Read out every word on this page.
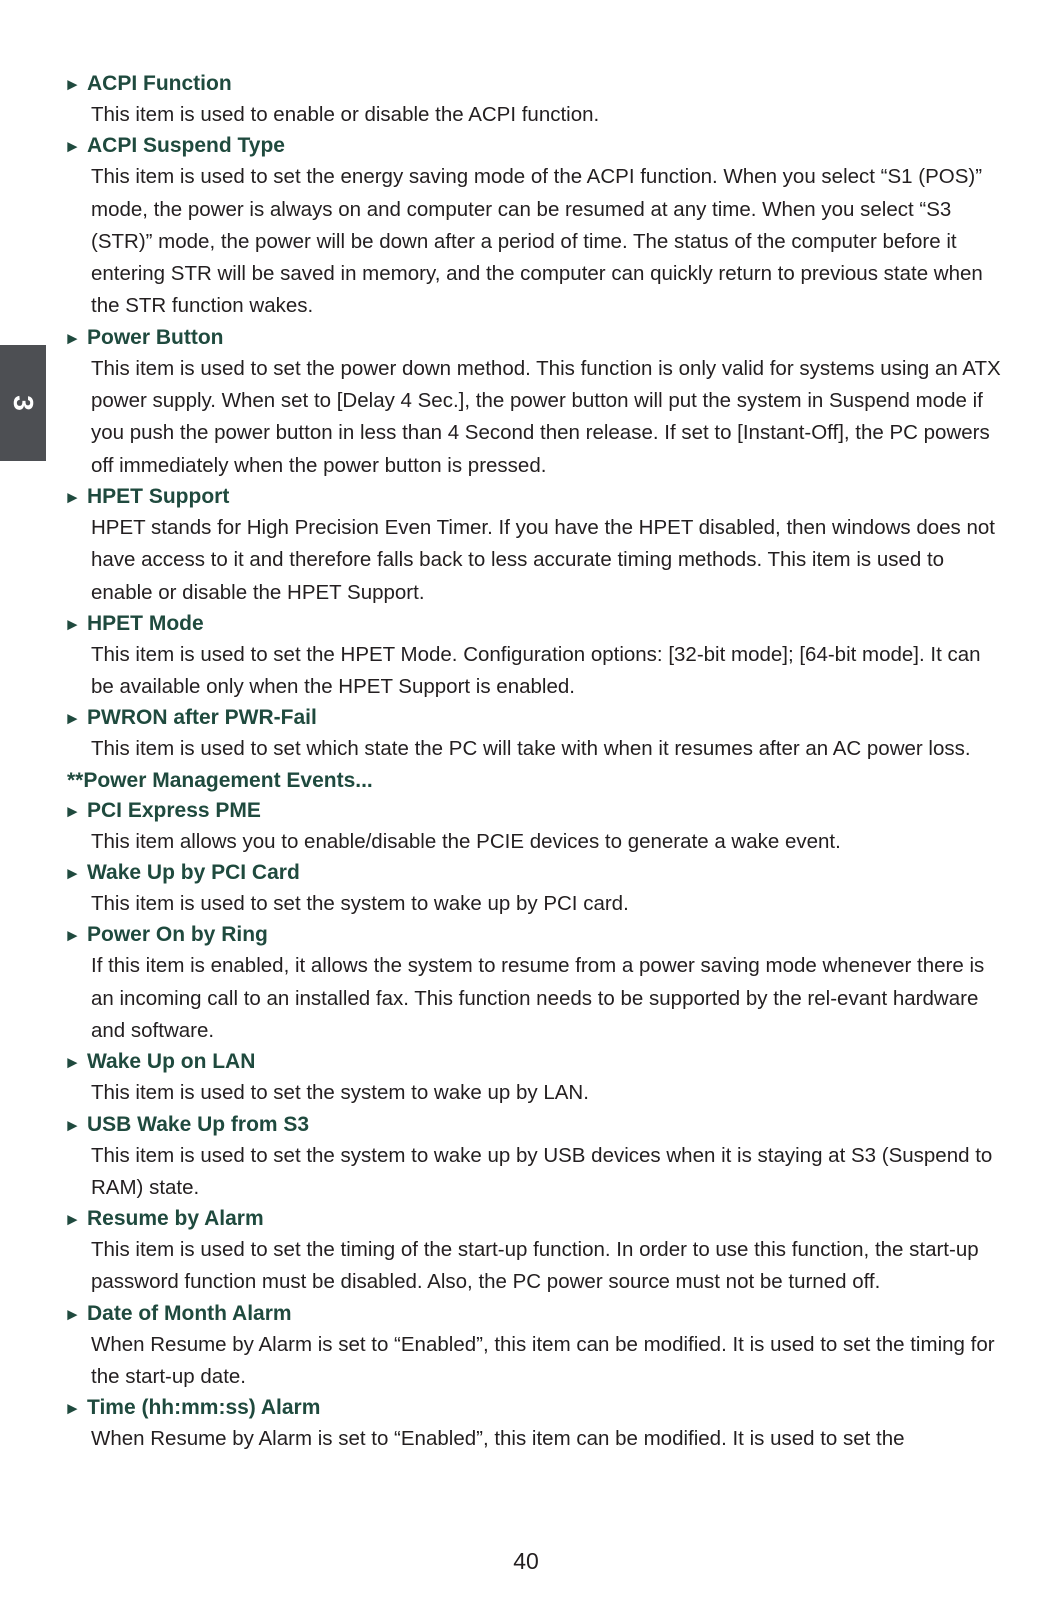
3
► ACPI Function

This item is used to enable or disable the ACPI function.

► ACPI Suspend Type

This item is used to set the energy saving mode of the ACPI function. When you select “S1 (POS)” mode, the power is always on and computer can be resumed at any time. When you select “S3 (STR)” mode, the power will be down after a period of time. The status of the computer before it entering STR will be saved in memory, and the computer can quickly return to previous state when the STR function wakes.

► Power Button

This item is used to set the power down method. This function is only valid for systems using an ATX power supply. When set to [Delay 4 Sec.], the power button will put the system in Suspend mode if you push the power button in less than 4 Second then release. If set to [Instant-Off], the PC powers off immediately when the power button is pressed.

► HPET Support

HPET stands for High Precision Even Timer. If you have the HPET disabled, then windows does not have access to it and therefore falls back to less accurate timing methods. This item is used to enable or disable the HPET Support.

► HPET Mode

This item is used to set the HPET Mode. Configuration options: [32-bit mode]; [64-bit mode]. It can be available only when the HPET Support is enabled.

► PWRON after PWR-Fail

This item is used to set which state the PC will take with when it resumes after an AC power loss.

**Power Management Events...
► PCI Express PME

This item allows you to enable/disable the PCIE devices to generate a wake event.

► Wake Up by PCI Card

This item is used to set the system to wake up by PCI card.

► Power On by Ring

If this item is enabled, it allows the system to resume from a power saving mode whenever there is an incoming call to an installed fax. This function needs to be supported by the rel-evant hardware and software.

► Wake Up on LAN

This item is used to set the system to wake up by LAN.

► USB Wake Up from S3

This item is used to set the system to wake up by USB devices when it is staying at S3 (Suspend to RAM) state.

► Resume by Alarm

This item is used to set the timing of the start-up function. In order to use this function, the start-up password function must be disabled. Also, the PC power source must not be turned off.

► Date of Month Alarm

When Resume by Alarm is set to “Enabled”, this item can be modified. It is used to set the timing for the start-up date.

► Time (hh:mm:ss) Alarm

When Resume by Alarm is set to “Enabled”, this item can be modified. It is used to set the

40
